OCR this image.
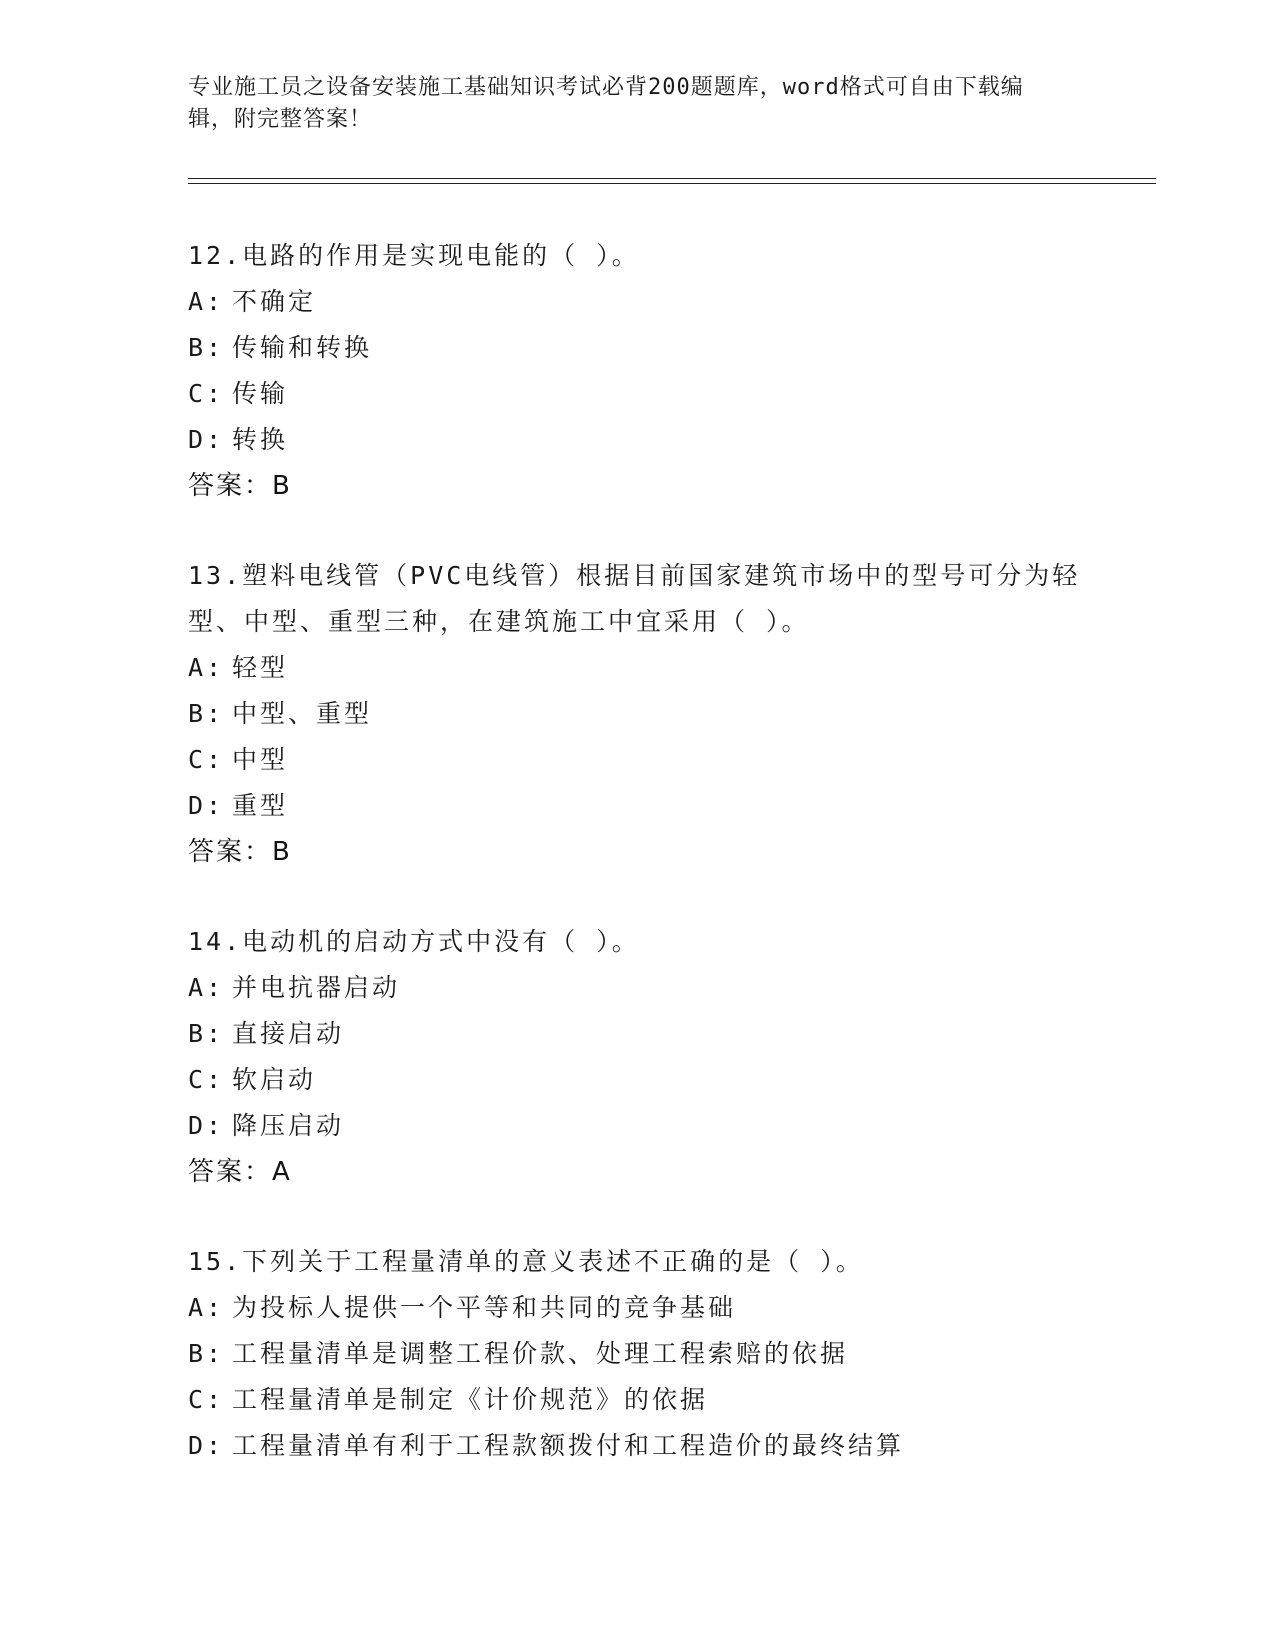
专业施工员之设备安装施工基础知识考试必背200题题库，word格式可自由下载编辑，附完整答案！

12.电路的作用是实现电能的（ ）。

A: 不确定

B: 传输和转换

C: 传输

D: 转换

答案：B

13.塑料电线管（PVC电线管）根据目前国家建筑市场中的型号可分为轻型、中型、重型三种，在建筑施工中宜采用（ ）。

A: 轻型

B: 中型、重型

C: 中型

D: 重型

答案：B

14.电动机的启动方式中没有（ ）。

A: 并电抗器启动

B: 直接启动

C: 软启动

D: 降压启动

答案：A

15.下列关于工程量清单的意义表述不正确的是（ ）。

A: 为投标人提供一个平等和共同的竞争基础

B: 工程量清单是调整工程价款、处理工程索赔的依据

C: 工程量清单是制定《计价规范》的依据

D: 工程量清单有利于工程款额拨付和工程造价的最终结算
